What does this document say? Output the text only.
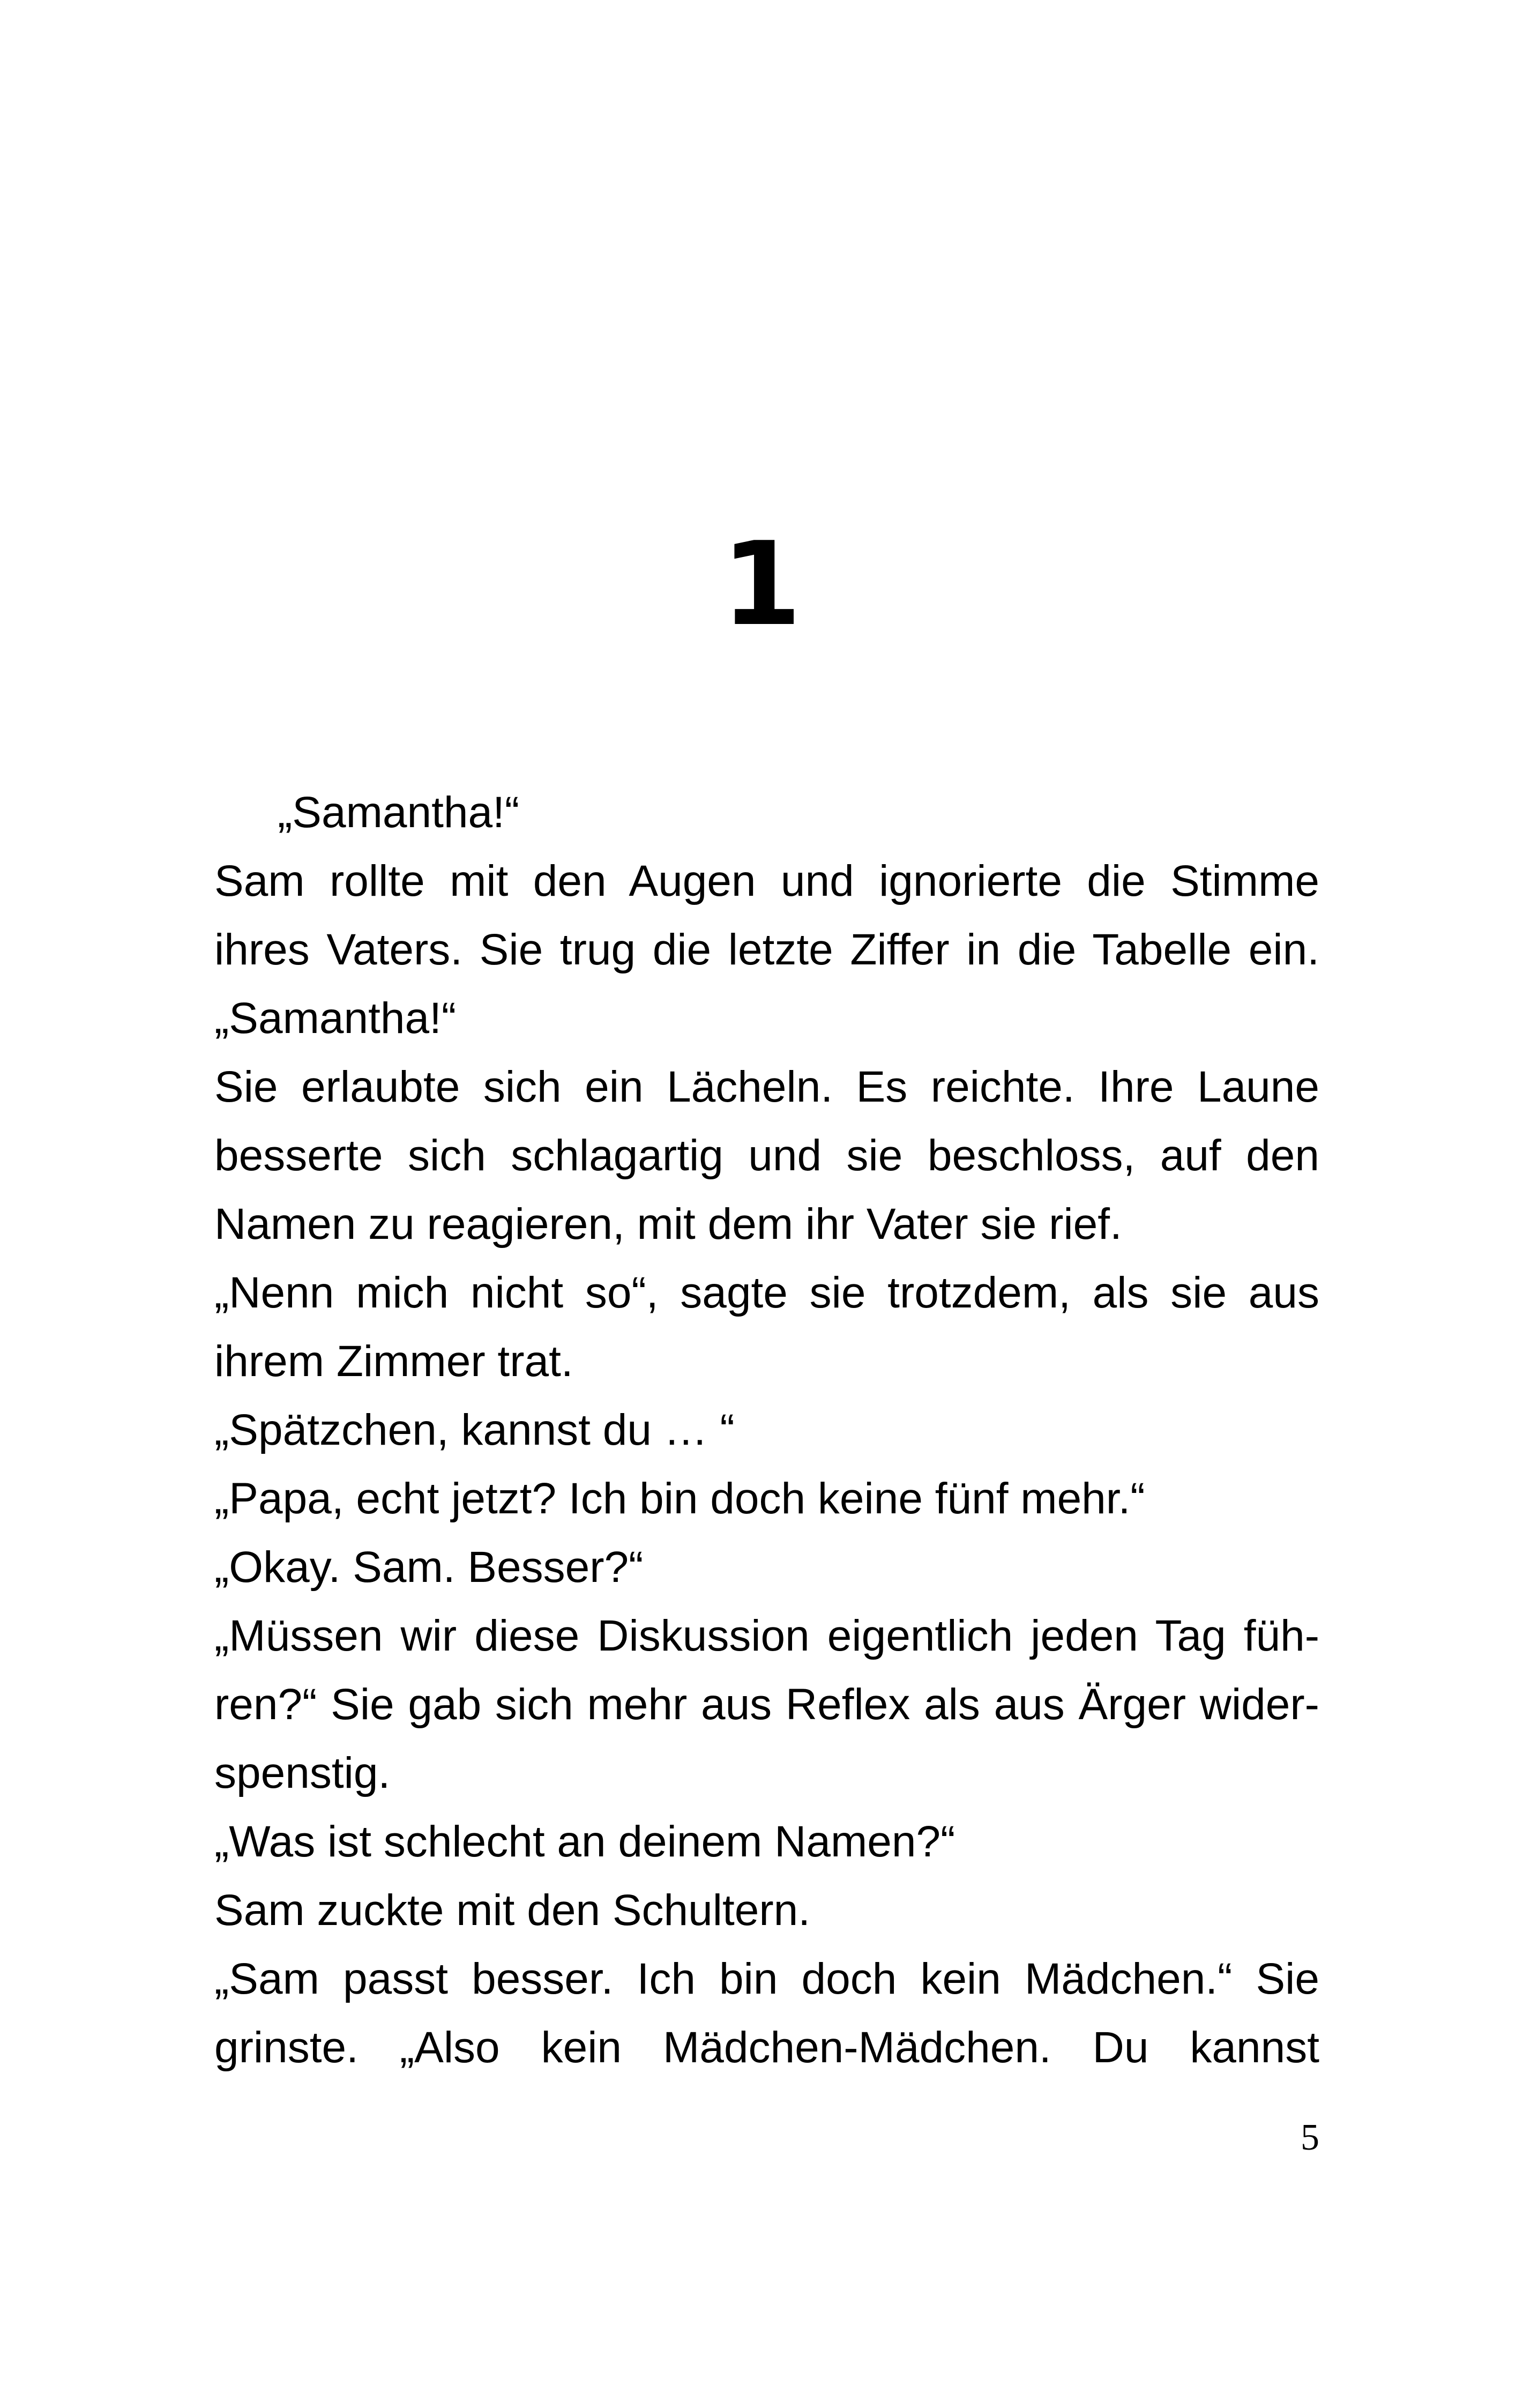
1
„Samantha!“
Sam rollte mit den Augen und ignorierte die Stimme
ihres Vaters. Sie trug die letzte Ziffer in die Tabelle ein.
„Samantha!“
Sie erlaubte sich ein Lächeln. Es reichte. Ihre Laune
besserte sich schlagartig und sie beschloss, auf den
Namen zu reagieren, mit dem ihr Vater sie rief.
„Nenn mich nicht so“, sagte sie trotzdem, als sie aus
ihrem Zimmer trat.
„Spätzchen, kannst du … “
„Papa, echt jetzt? Ich bin doch keine fünf mehr.“
„Okay. Sam. Besser?“
„Müssen wir diese Diskussion eigentlich jeden Tag füh-
ren?“ Sie gab sich mehr aus Reflex als aus Ärger wider-
spenstig.
„Was ist schlecht an deinem Namen?“
Sam zuckte mit den Schultern.
„Sam passt besser. Ich bin doch kein Mädchen.“ Sie
grinste. „Also kein Mädchen-Mädchen. Du kannst
5
